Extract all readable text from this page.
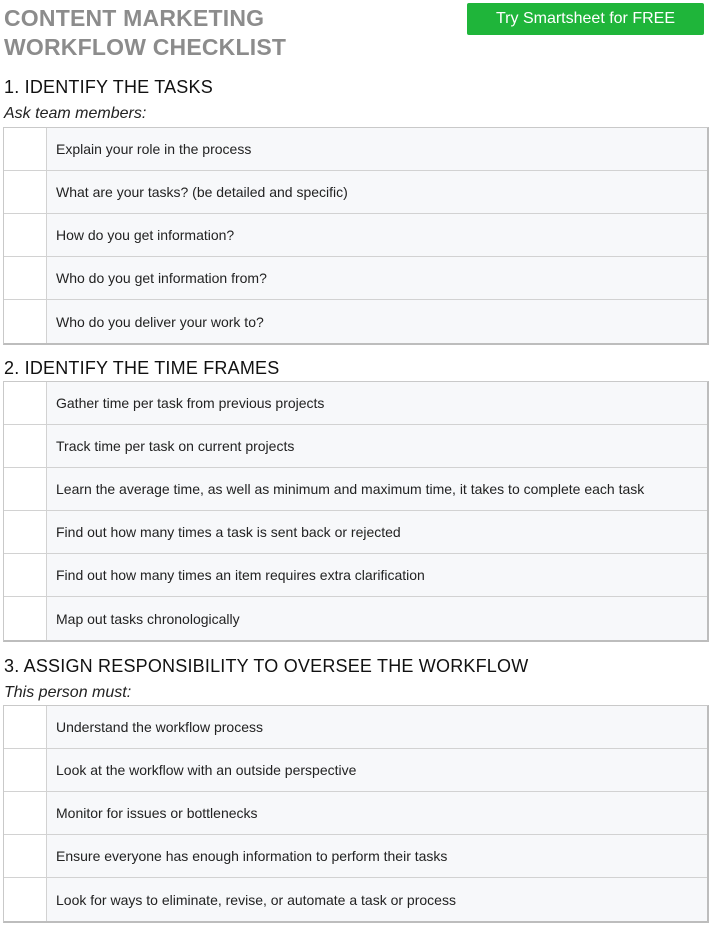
CONTENT MARKETING
WORKFLOW CHECKLIST
Try Smartsheet for FREE
1. IDENTIFY THE TASKS
Ask team members:
Explain your role in the process
What are your tasks? (be detailed and specific)
How do you get information?
Who do you get information from?
Who do you deliver your work to?
2. IDENTIFY THE TIME FRAMES
Gather time per task from previous projects
Track time per task on current projects
Learn the average time, as well as minimum and maximum time, it takes to complete each task
Find out how many times a task is sent back or rejected
Find out how many times an item requires extra clarification
Map out tasks chronologically
3. ASSIGN RESPONSIBILITY TO OVERSEE THE WORKFLOW
This person must:
Understand the workflow process
Look at the workflow with an outside perspective
Monitor for issues or bottlenecks
Ensure everyone has enough information to perform their tasks
Look for ways to eliminate, revise, or automate a task or process
